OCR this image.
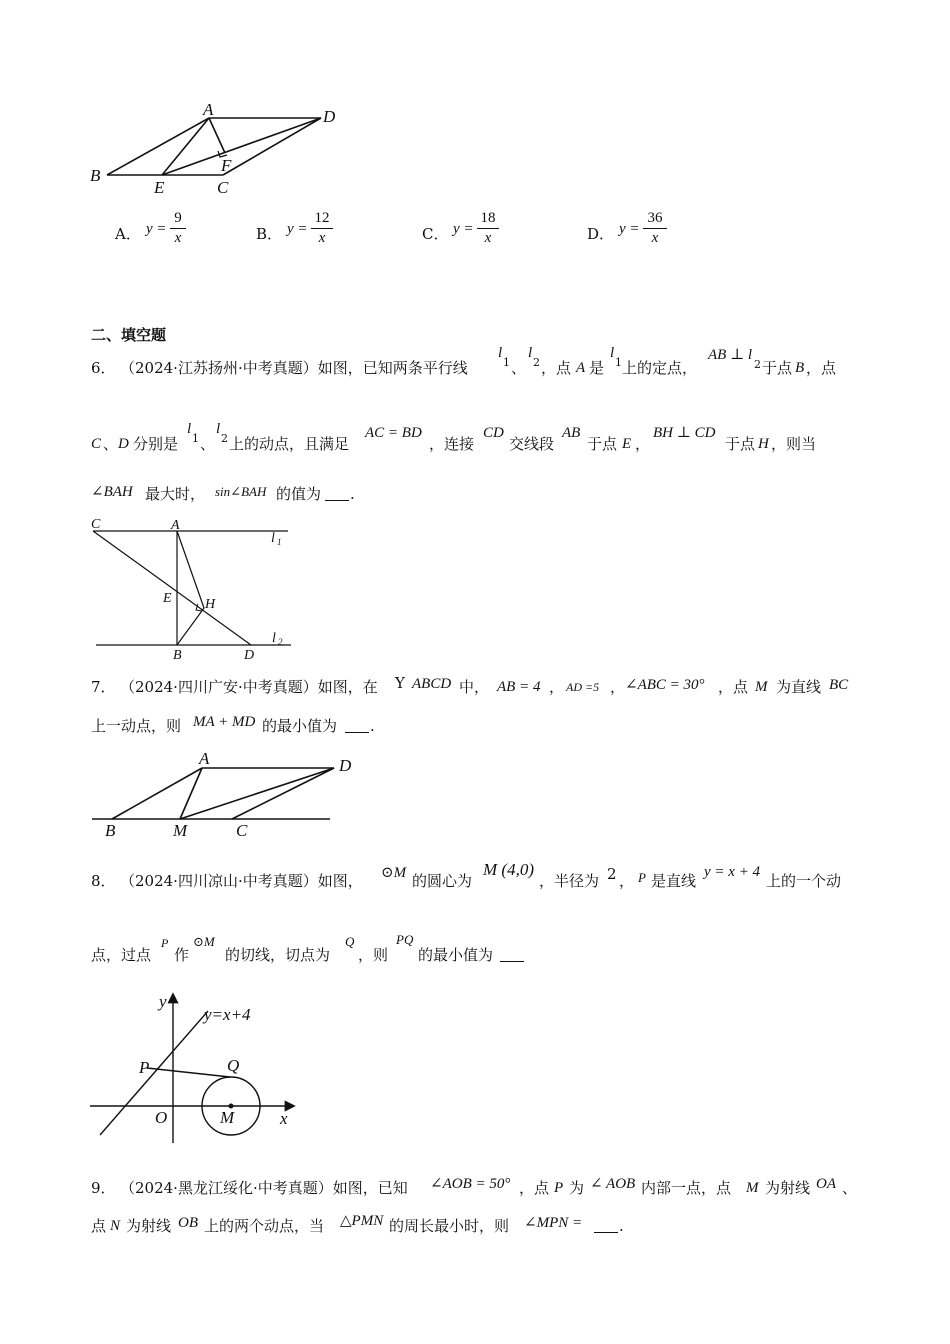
A	D
B
E	C
F
A． y =
9
x	B． y =
12
x	C． y =
18
x	D． y =
36
x
二、填空题
6． （2024·江苏扬州·中考真题）如图，已知两条平行线
l
1 、
l
2 ，点 A 是
l
1 上的定点，
AB ⊥ l
2 于点 B ，点
C 、 D 分别是
l
1 、
l
2 上的动点，且满足
AC = BD
，连接
CD
交线段
AB
于点 E ，
BH ⊥ CD
于点 H ，则当
∠BAH 最大时， sin∠BAH 的值为 .
C	A
l 1
E H
B	D
l 2
7． （2024·四川广安·中考真题）如图，在 Y ABCD 中， AB = 4 ， AD =5 ， ∠ABC = 30° ，点 M 为直线 BC
上一动点，则 MA + MD 的最小值为 .
A	D
B	M	C
8． （2024·四川凉山·中考真题）如图， ⊙M 的圆心为
M (4,0)
，半径为 2 ， P 是直线 y = x + 4 上的一个动
点，过点
P
作
⊙M
的切线，切点为
Q
，则
PQ
的最小值为
y
y=x+4
P	Q
O	M	x
9． （2024·黑龙江绥化·中考真题）如图，已知 ∠AOB = 50° ，点 P 为 ∠ AOB 内部一点，点 M 为射线 OA 、
点 N 为射线 OB 上的两个动点，当 △PMN 的周长最小时，则 ∠MPN = .
